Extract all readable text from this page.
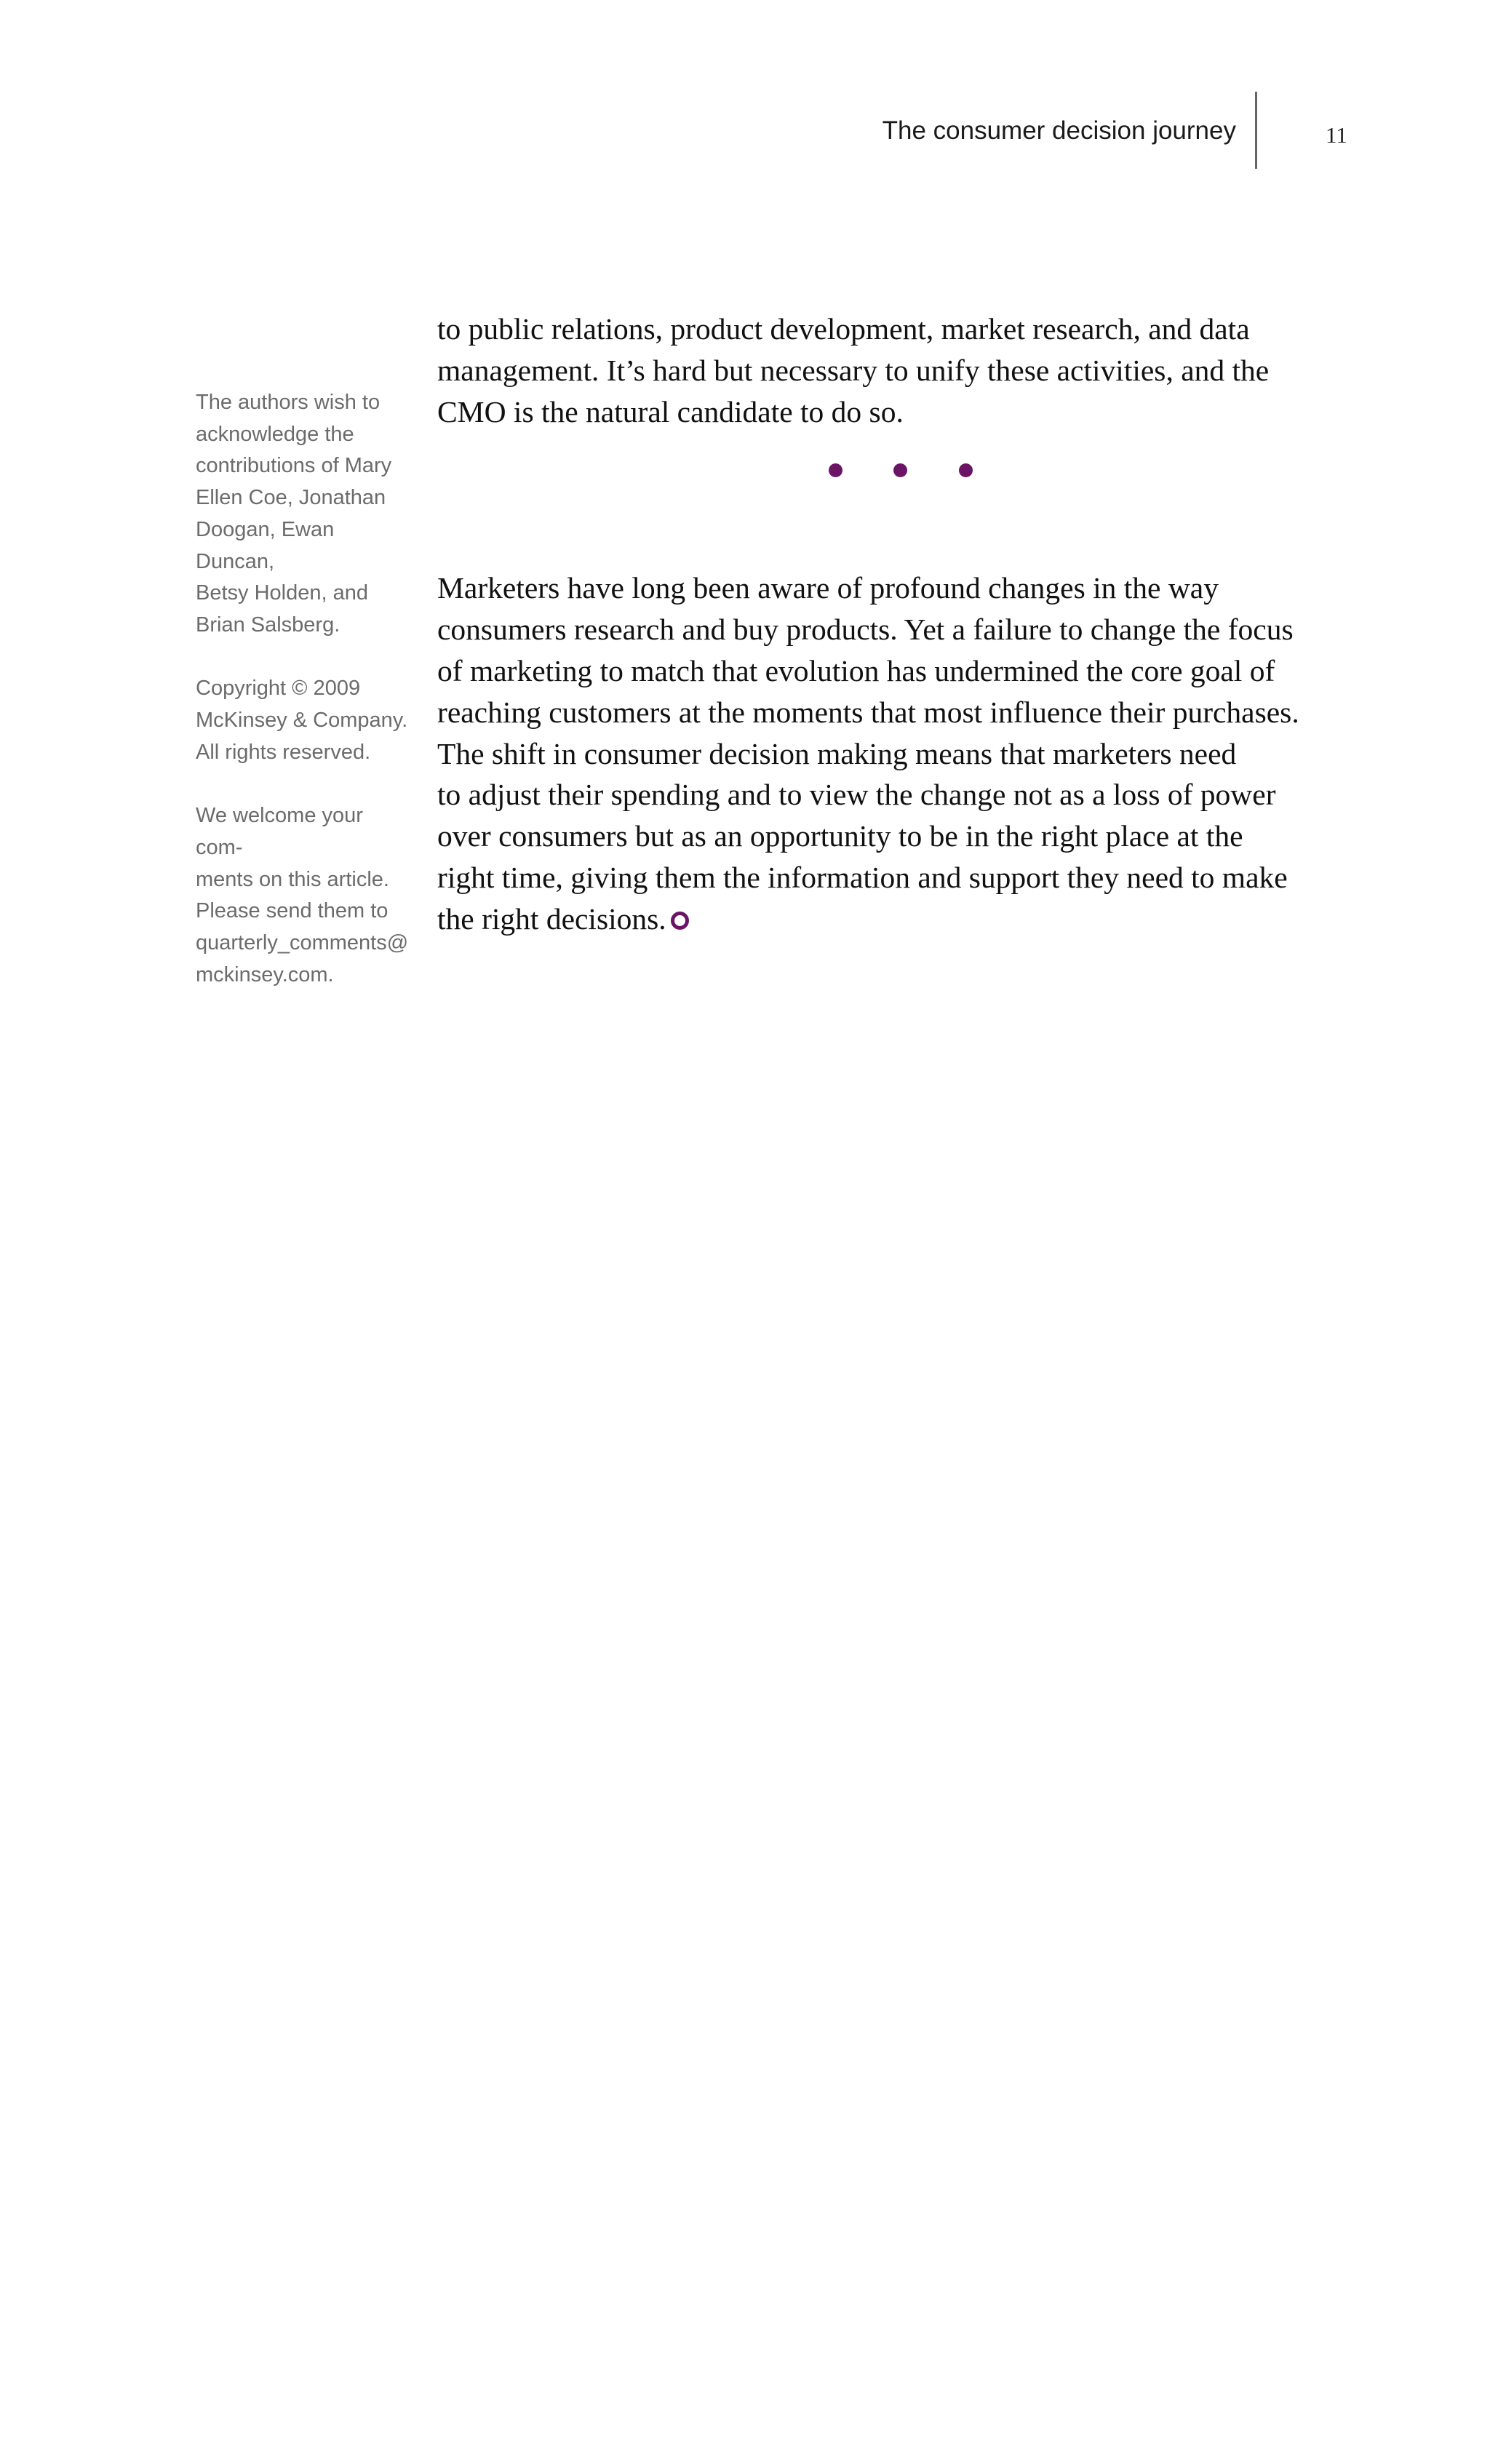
The consumer decision journey	11

The authors wish to
acknowledge the
contributions of Mary
Ellen Coe, Jonathan
Doogan, Ewan Duncan,
Betsy Holden, and
Brian Salsberg.

Copyright © 2009
McKinsey & Company.
All rights reserved.

We welcome your com-
ments on this article.
Please send them to
quarterly_comments@
mckinsey.com.

to public relations, product development, market research, and data
management. It’s hard but necessary to unify these activities, and the
CMO is the natural candidate to do so.

Marketers have long been aware of profound changes in the way
consumers research and buy products. Yet a failure to change the focus
of marketing to match that evolution has undermined the core goal of
reaching customers at the moments that most influence their purchases.
The shift in consumer decision making means that marketers need
to adjust their spending and to view the change not as a loss of power
over consumers but as an opportunity to be in the right place at the
right time, giving them the information and support they need to make
the right decisions.
